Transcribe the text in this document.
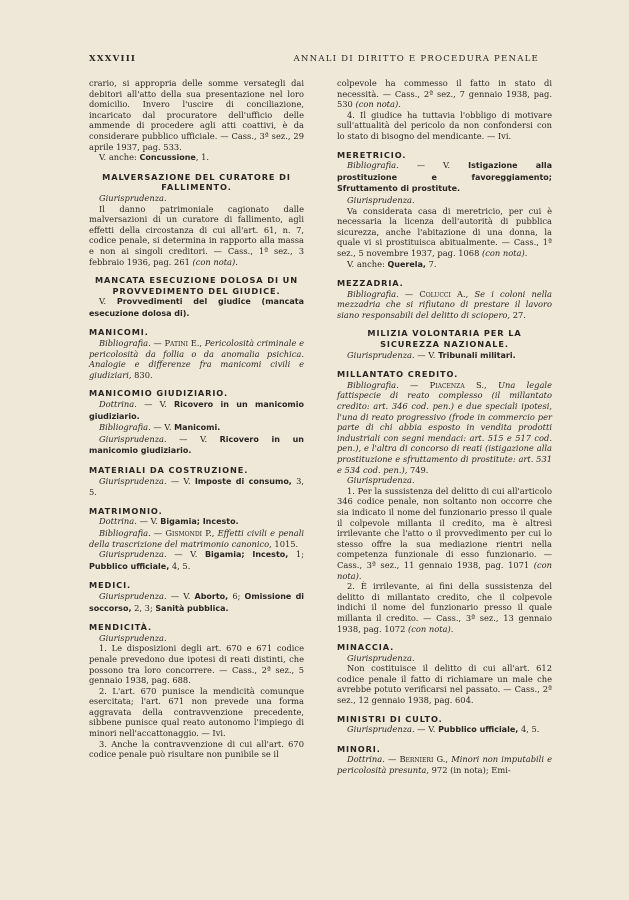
XXXVIII	ANNALI DI DIRITTO E PROCEDURA PENALE

crario, si appropria delle somme versategli dai debitori all'atto della sua presentazione nel loro domicilio. Invero l'uscire di conciliazione, incaricato dal procuratore dell'ufficio delle ammende di procedere agli atti coattivi, è da considerare pubblico ufficiale. — Cass., 3ª sez., 29 aprile 1937, pag. 533.

V. anche: Concussione, 1.

MALVERSAZIONE DEL CURATORE DI FALLIMENTO.

Giurisprudenza.

Il danno patrimoniale cagionato dalle malversazioni di un curatore di fallimento, agli effetti della circostanza di cui all'art. 61, n. 7, codice penale, si determina in rapporto alla massa e non ai singoli creditori. — Cass., 1ª sez., 3 febbraio 1936, pag. 261 (con nota).

MANCATA ESECUZIONE DOLOSA DI UN PROVVEDIMENTO DEL GIUDICE.

V. Provvedimenti del giudice (mancata esecuzione dolosa di).

MANICOMI.

Bibliografia. — Patini E., Pericolosità criminale e pericolosità da follia o da anomalia psichica. Analogie e differenze fra manicomi civili e giudiziari, 830.

MANICOMIO GIUDIZIARIO.

Dottrina. — V. Ricovero in un manicomio giudiziario.

Bibliografia. — V. Manicomi.

Giurisprudenza. — V. Ricovero in un manicomio giudiziario.

MATERIALI DA COSTRUZIONE.

Giurisprudenza. — V. Imposte di consumo, 3, 5.

MATRIMONIO.

Dottrina. — V. Bigamia; Incesto.

Bibliografia. — Gismondi P., Effetti civili e penali della trascrizione del matrimonio canonico, 1015.

Giurisprudenza. — V. Bigamia; Incesto, 1; Pubblico ufficiale, 4, 5.

MEDICI.

Giurisprudenza. — V. Aborto, 6; Omissione di soccorso, 2, 3; Sanità pubblica.

MENDICITÀ.

Giurisprudenza.

1. Le disposizioni degli art. 670 e 671 codice penale prevedono due ipotesi di reati distinti, che possono tra loro concorrere. — Cass., 2ª sez., 5 gennaio 1938, pag. 688.

2. L'art. 670 punisce la mendicità comunque esercitata; l'art. 671 non prevede una forma aggravata della contravvenzione precedente, sibbene punisce qual reato autonomo l'impiego di minori nell'accattonaggio. — Ivi.

3. Anche la contravvenzione di cui all'art. 670 codice penale può risultare non punibile se il

colpevole ha commesso il fatto in stato di necessità. — Cass., 2ª sez., 7 gennaio 1938, pag. 530 (con nota).

4. Il giudice ha tuttavia l'obbligo di motivare sull'attualità del pericolo da non confondersi con lo stato di bisogno del mendicante. — Ivi.

MERETRICIO.

Bibliografia. — V. Istigazione alla prostituzione e favoreggiamento; Sfruttamento di prostitute.

Giurisprudenza.

Va considerata casa di meretricio, per cui è necessaria la licenza dell'autorità di pubblica sicurezza, anche l'abitazione di una donna, la quale vi si prostituisca abitualmente. — Cass., 1ª sez., 5 novembre 1937, pag. 1068 (con nota).

V. anche: Querela, 7.

MEZZADRIA.

Bibliografia. — Colucci A., Se i coloni nella mezzadria che si rifiutano di prestare il lavoro siano responsabili del delitto di sciopero, 27.

MILIZIA VOLONTARIA PER LA SICUREZZA NAZIONALE.

Giurisprudenza. — V. Tribunali militari.

MILLANTATO CREDITO.

Bibliografia. — Piacenza S., Una legale fattispecie di reato complesso (il millantato credito: art. 346 cod. pen.) e due speciali ipotesi, l'una di reato progressivo (frode in commercio per parte di chi abbia esposto in vendita prodotti industriali con segni mendaci: art. 515 e 517 cod. pen.), e l'altra di concorso di reati (istigazione alla prostituzione e sfruttamento di prostitute: art. 531 e 534 cod. pen.), 749.

Giurisprudenza.

1. Per la sussistenza del delitto di cui all'articolo 346 codice penale, non soltanto non occorre che sia indicato il nome del funzionario presso il quale il colpevole millanta il credito, ma è altresì irrilevante che l'atto o il provvedimento per cui lo stesso offre la sua mediazione rientri nella competenza funzionale di esso funzionario. — Cass., 3ª sez., 11 gennaio 1938, pag. 1071 (con nota).

2. È irrilevante, ai fini della sussistenza del delitto di millantato credito, che il colpevole indichi il nome del funzionario presso il quale millanta il credito. — Cass., 3ª sez., 13 gennaio 1938, pag. 1072 (con nota).

MINACCIA.

Giurisprudenza.

Non costituisce il delitto di cui all'art. 612 codice penale il fatto di richiamare un male che avrebbe potuto verificarsi nel passato. — Cass., 2ª sez., 12 gennaio 1938, pag. 604.

MINISTRI DI CULTO.

Giurisprudenza. — V. Pubblico ufficiale, 4, 5.

MINORI.

Dottrina. — Bernieri G., Minori non imputabili e pericolosità presunta, 972 (in nota); Emi-
